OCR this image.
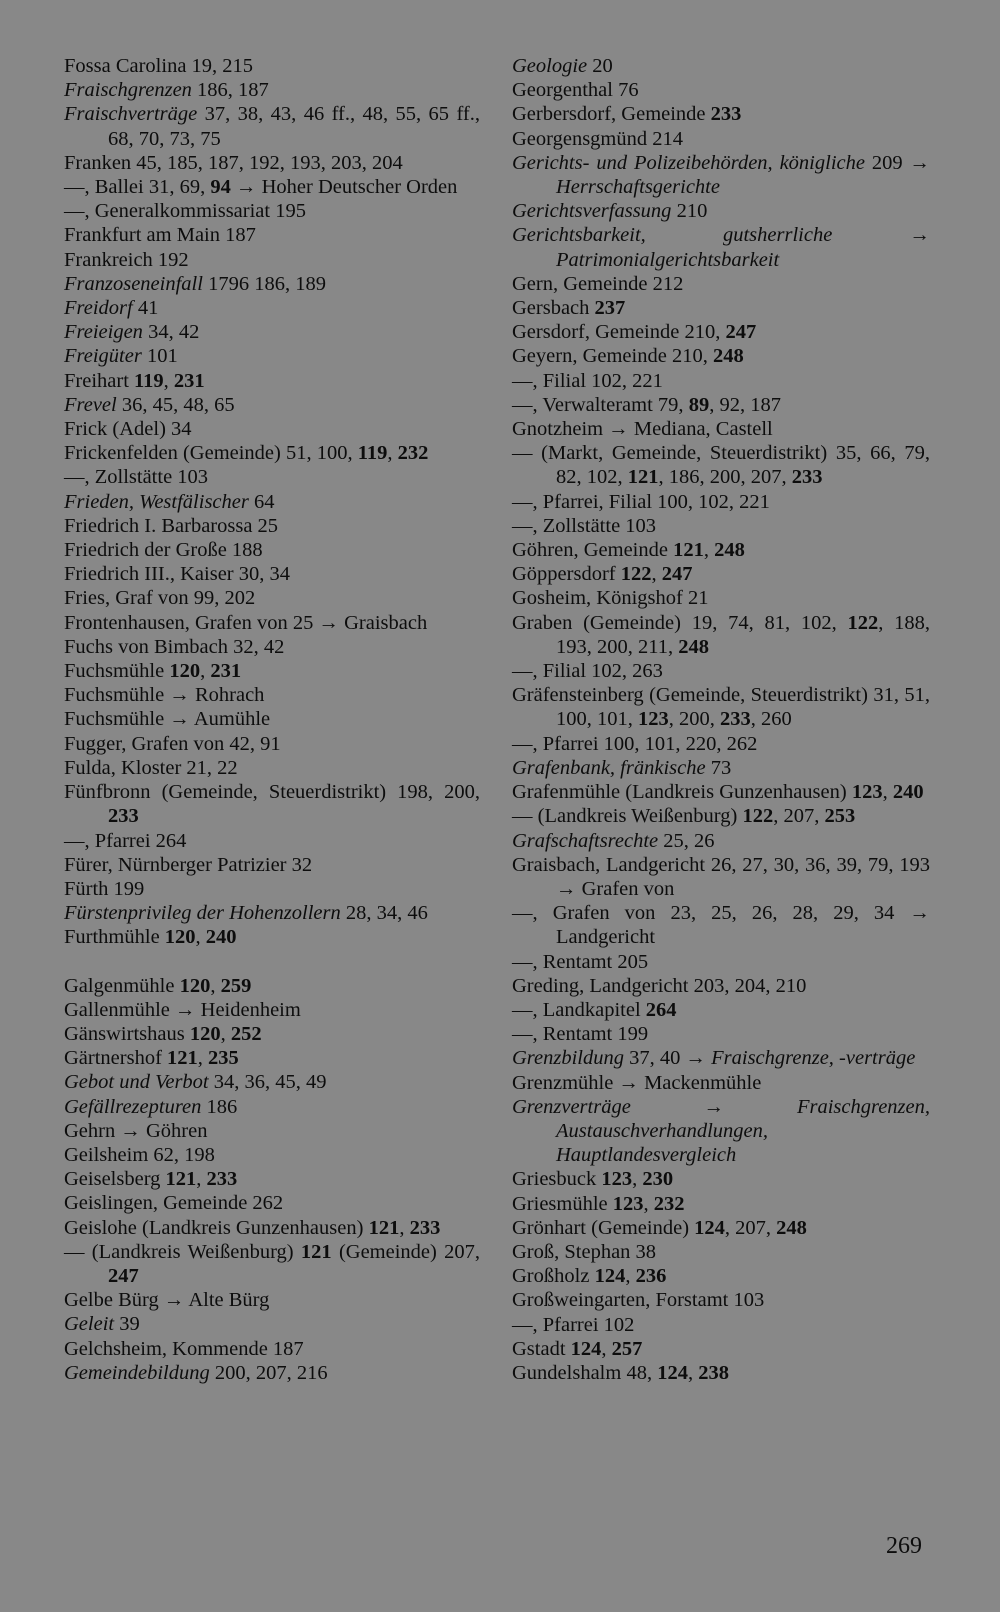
Fossa Carolina 19, 215
Fraischgrenzen 186, 187
Fraischverträge 37, 38, 43, 46 ff., 48, 55, 65 ff., 68, 70, 73, 75
Franken 45, 185, 187, 192, 193, 203, 204
—, Ballei 31, 69, 94 → Hoher Deutscher Orden
—, Generalkommissariat 195
Frankfurt am Main 187
Frankreich 192
Franzoseneinfall 1796 186, 189
Freidorf 41
Freieigen 34, 42
Freigüter 101
Freihart 119, 231
Frevel 36, 45, 48, 65
Frick (Adel) 34
Frickenfelden (Gemeinde) 51, 100, 119, 232
—, Zollstätte 103
Frieden, Westfälischer 64
Friedrich I. Barbarossa 25
Friedrich der Große 188
Friedrich III., Kaiser 30, 34
Fries, Graf von 99, 202
Frontenhausen, Grafen von 25 → Graisbach
Fuchs von Bimbach 32, 42
Fuchsmühle 120, 231
Fuchsmühle → Rohrach
Fuchsmühle → Aumühle
Fugger, Grafen von 42, 91
Fulda, Kloster 21, 22
Fünfbronn (Gemeinde, Steuerdistrikt) 198, 200, 233
—, Pfarrei 264
Fürer, Nürnberger Patrizier 32
Fürth 199
Fürstenprivileg der Hohenzollern 28, 34, 46
Furthmühle 120, 240
Galgenmühle 120, 259
Gallenmühle → Heidenheim
Gänswirtshaus 120, 252
Gärtnershof 121, 235
Gebot und Verbot 34, 36, 45, 49
Gefällrezepturen 186
Gehrn → Göhren
Geilsheim 62, 198
Geiselsberg 121, 233
Geislingen, Gemeinde 262
Geislohe (Landkreis Gunzenhausen) 121, 233
— (Landkreis Weißenburg) 121 (Gemeinde) 207, 247
Gelbe Bürg → Alte Bürg
Geleit 39
Gelchsheim, Kommende 187
Gemeindebildung 200, 207, 216
Geologie 20
Georgenthal 76
Gerbersdorf, Gemeinde 233
Georgensgmünd 214
Gerichts- und Polizeibehörden, königliche 209 → Herrschaftsgerichte
Gerichtsverfassung 210
Gerichtsbarkeit, gutsherrliche → Patrimonialgerichtsbarkeit
Gern, Gemeinde 212
Gersbach 237
Gersdorf, Gemeinde 210, 247
Geyern, Gemeinde 210, 248
—, Filial 102, 221
—, Verwalteramt 79, 89, 92, 187
Gnotzheim → Mediana, Castell
— (Markt, Gemeinde, Steuerdistrikt) 35, 66, 79, 82, 102, 121, 186, 200, 207, 233
—, Pfarrei, Filial 100, 102, 221
—, Zollstätte 103
Göhren, Gemeinde 121, 248
Göppersdorf 122, 247
Gosheim, Königshof 21
Graben (Gemeinde) 19, 74, 81, 102, 122, 188, 193, 200, 211, 248
—, Filial 102, 263
Gräfensteinberg (Gemeinde, Steuerdistrikt) 31, 51, 100, 101, 123, 200, 233, 260
—, Pfarrei 100, 101, 220, 262
Grafenbank, fränkische 73
Grafenmühle (Landkreis Gunzenhausen) 123, 240
— (Landkreis Weißenburg) 122, 207, 253
Grafschaftsrechte 25, 26
Graisbach, Landgericht 26, 27, 30, 36, 39, 79, 193 → Grafen von
—, Grafen von 23, 25, 26, 28, 29, 34 → Landgericht
—, Rentamt 205
Greding, Landgericht 203, 204, 210
—, Landkapitel 264
—, Rentamt 199
Grenzbildung 37, 40 → Fraischgrenze, -verträge
Grenzmühle → Mackenmühle
Grenzverträge → Fraischgrenzen, Austauschverhandlungen, Hauptlandesvergleich
Griesbuck 123, 230
Griesmühle 123, 232
Grönhart (Gemeinde) 124, 207, 248
Groß, Stephan 38
Großholz 124, 236
Großweingarten, Forstamt 103
—, Pfarrei 102
Gstadt 124, 257
Gundelshalm 48, 124, 238
269
